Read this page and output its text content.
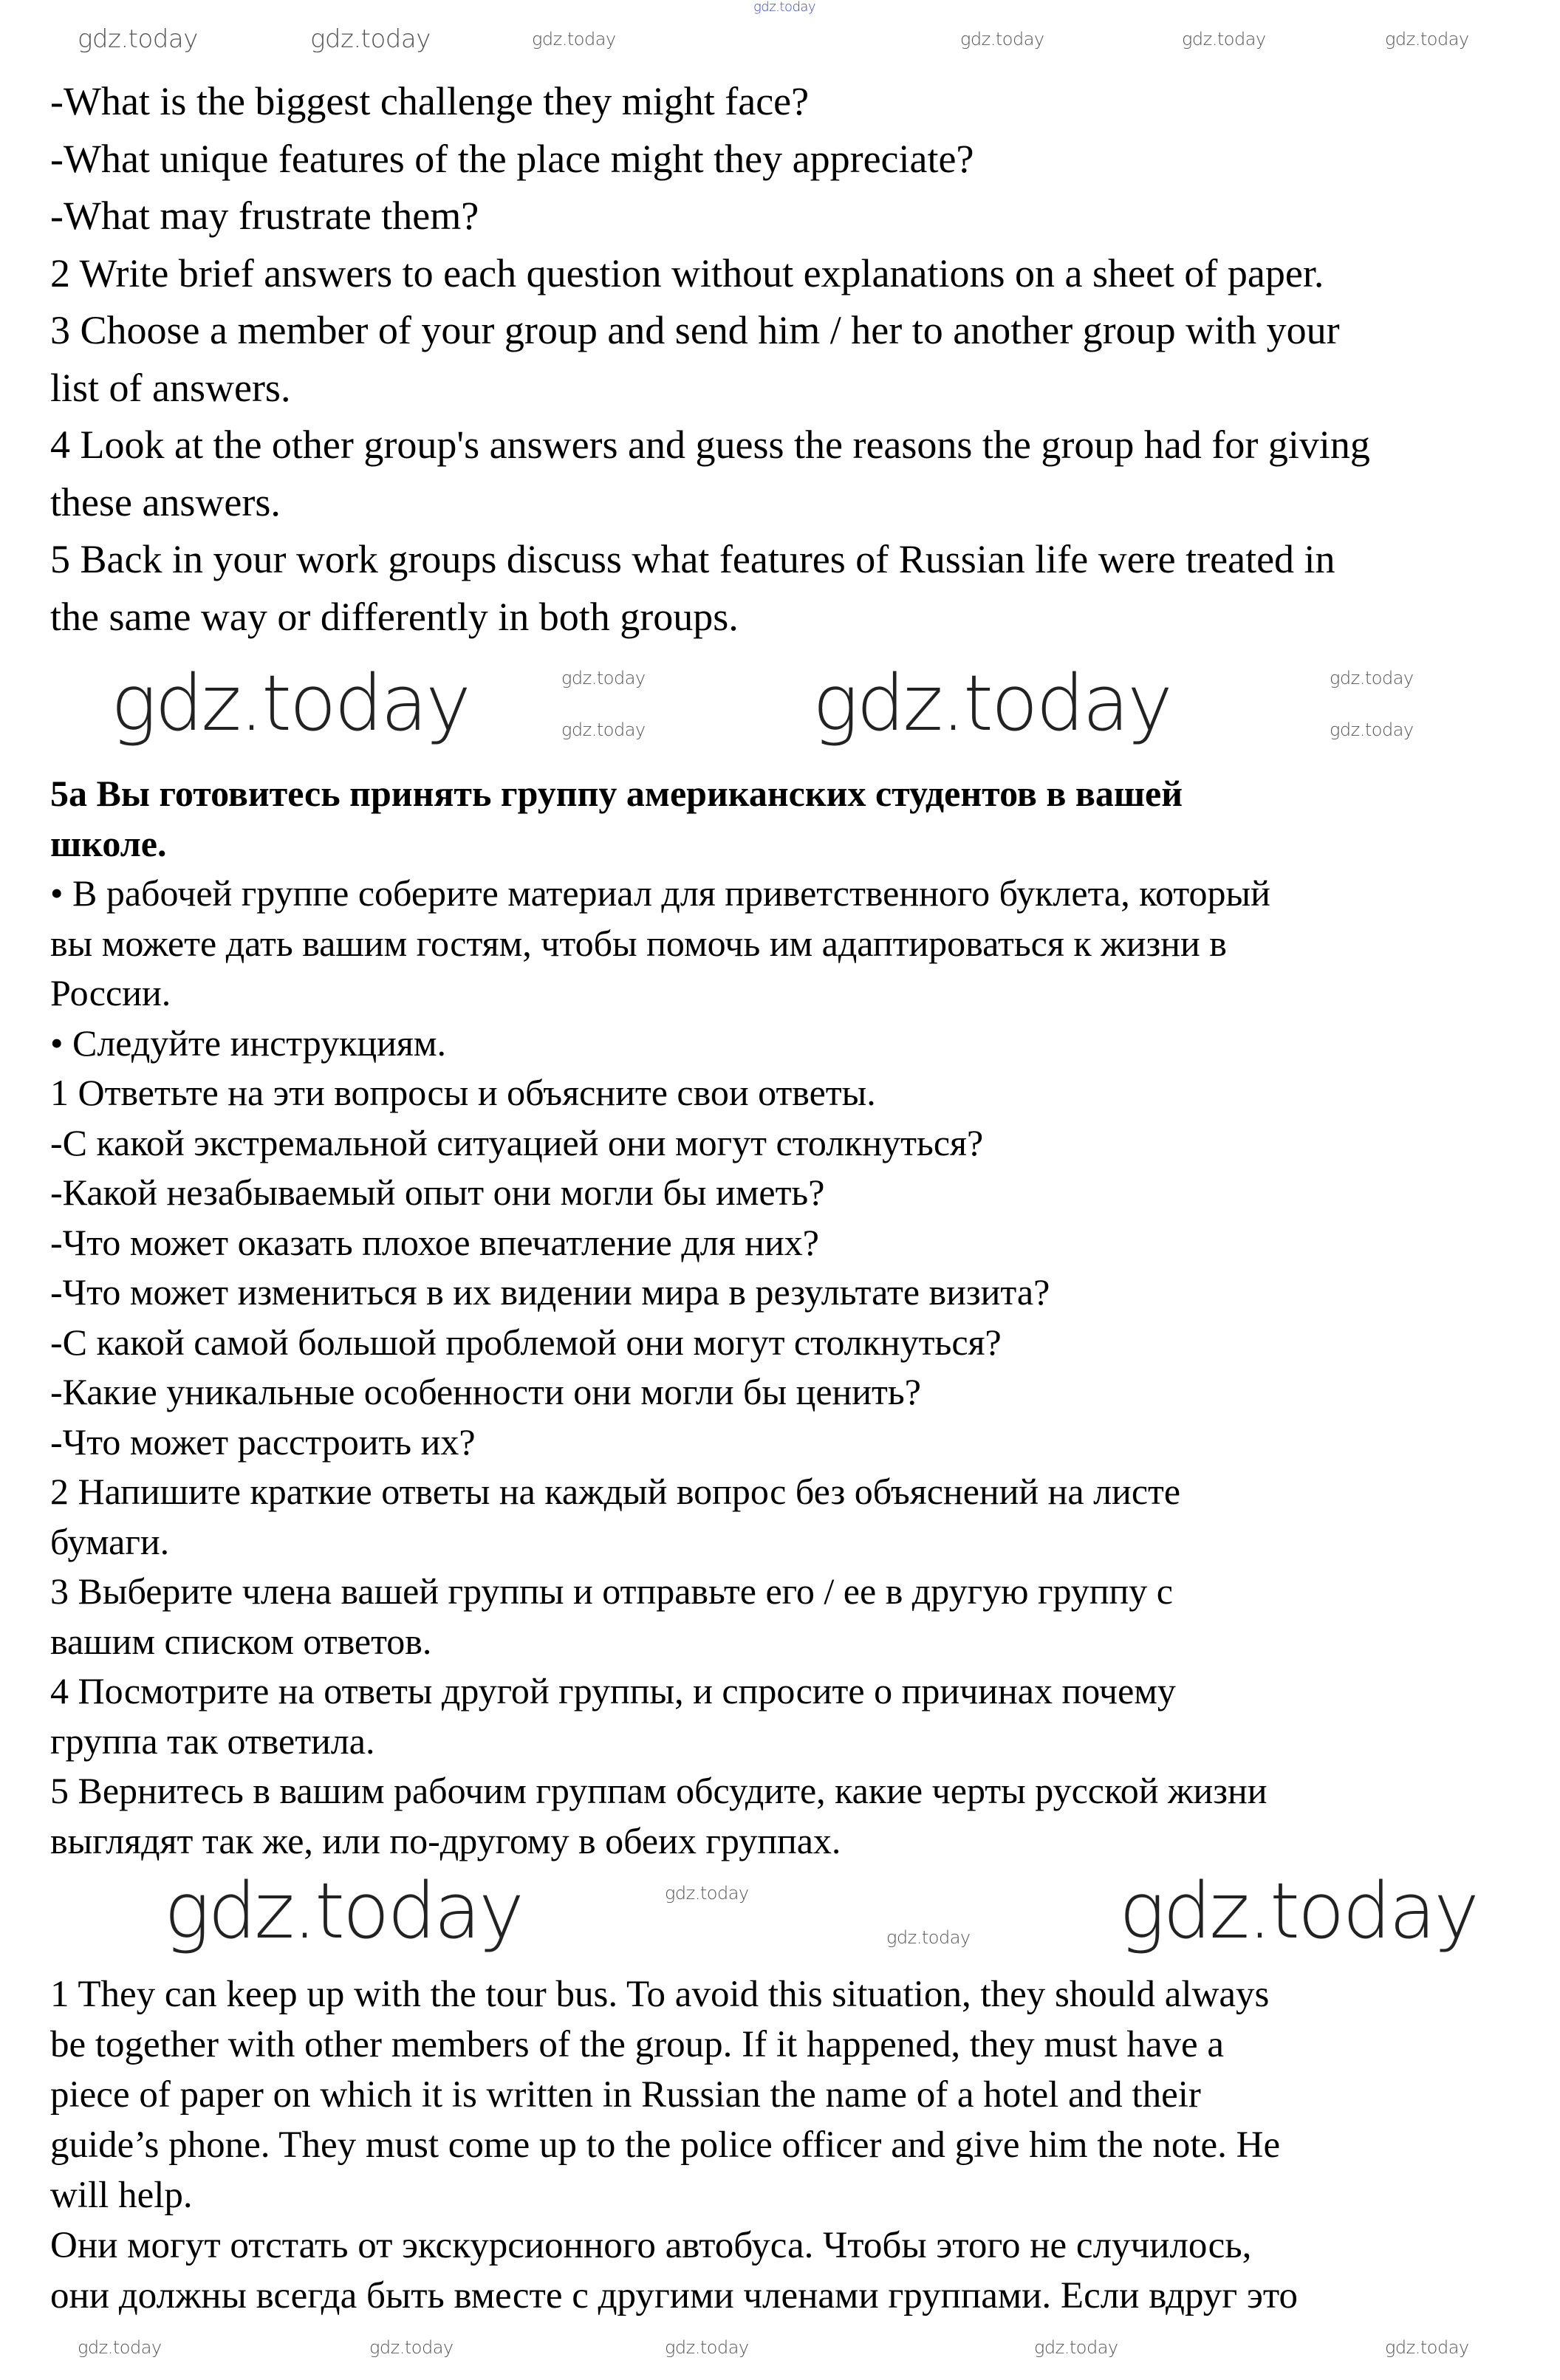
gdz.today
-What is the biggest challenge they might face?
-What unique features of the place might they appreciate?
-What may frustrate them?
2 Write brief answers to each question without explanations on a sheet of paper.
3 Choose a member of your group and send him / her to another group with your
list of answers.
4 Look at the other group's answers and guess the reasons the group had for giving
these answers.
5 Back in your work groups discuss what features of Russian life were treated in
the same way or differently in both groups.
5a Вы готовитесь принять группу американских студентов в вашей
школе.
• В рабочей группе соберите материал для приветственного буклета, который
вы можете дать вашим гостям, чтобы помочь им адаптироваться к жизни в
России.
• Следуйте инструкциям.
1 Ответьте на эти вопросы и объясните свои ответы.
-С какой экстремальной ситуацией они могут столкнуться?
-Какой незабываемый опыт они могли бы иметь?
-Что может оказать плохое впечатление для них?
-Что может измениться в их видении мира в результате визита?
-С какой самой большой проблемой они могут столкнуться?
-Какие уникальные особенности они могли бы ценить?
-Что может расстроить их?
2 Напишите краткие ответы на каждый вопрос без объяснений на листе
бумаги.
3 Выберите члена вашей группы и отправьте его / ее в другую группу с
вашим списком ответов.
4 Посмотрите на ответы другой группы, и спросите о причинах почему
группа так ответила.
5 Вернитесь в вашим рабочим группам обсудите, какие черты русской жизни
выглядят так же, или по-другому в обеих группах.
1 They can keep up with the tour bus. To avoid this situation, they should always
be together with other members of the group. If it happened, they must have a
piece of paper on which it is written in Russian the name of a hotel and their
guide’s phone. They must come up to the police officer and give him the note. He
will help.
Они могут отстать от экскурсионного автобуса. Чтобы этого не случилось,
они должны всегда быть вместе с другими членами группами. Если вдруг это
gdz.today
gdz.today	gdz.today
gdz.today
gdz.today	gdz.today
gdz.today
gdz.today
gdz.today
gdz.today
gdz.today
gdz.today
gdz.today	gdz.today	gdz.today	gdz.today	gdz.today
gdz.today	gdz.today
gdz.today
gdz.today
